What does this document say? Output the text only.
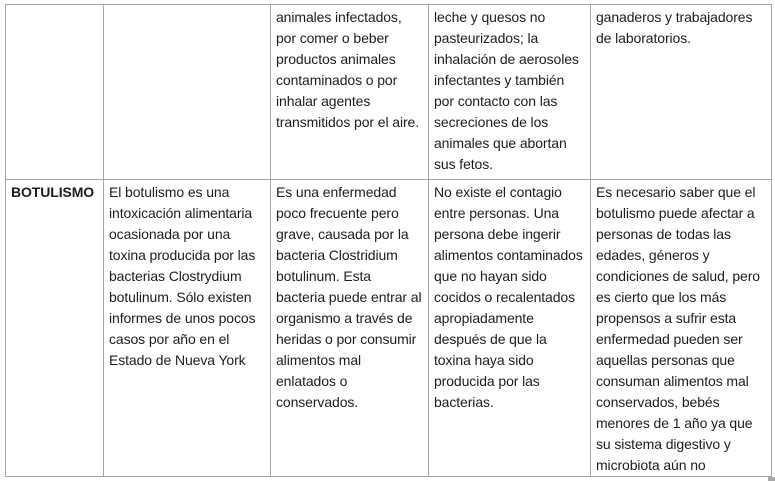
		animales infectados, por comer o beber productos animales contaminados o por inhalar agentes transmitidos por el aire.	leche y quesos no pasteurizados; la inhalación de aerosoles infectantes y también por contacto con las secreciones de los animales que abortan sus fetos.	ganaderos y trabajadores de laboratorios.
BOTULISMO	El botulismo es una intoxicación alimentaria ocasionada por una toxina producida por las bacterias Clostrydium botulinum. Sólo existen informes de unos pocos casos por año en el Estado de Nueva York	Es una enfermedad poco frecuente pero grave, causada por la bacteria Clostridium botulinum. Esta bacteria puede entrar al organismo a través de heridas o por consumir alimentos mal enlatados o conservados.	No existe el contagio entre personas. Una persona debe ingerir alimentos contaminados que no hayan sido cocidos o recalentados apropiadamente después de que la toxina haya sido producida por las bacterias.	Es necesario saber que el botulismo puede afectar a personas de todas las edades, géneros y condiciones de salud, pero es cierto que los más propensos a sufrir esta enfermedad pueden ser aquellas personas que consuman alimentos mal conservados, bebés menores de 1 año ya que su sistema digestivo y microbiota aún no
